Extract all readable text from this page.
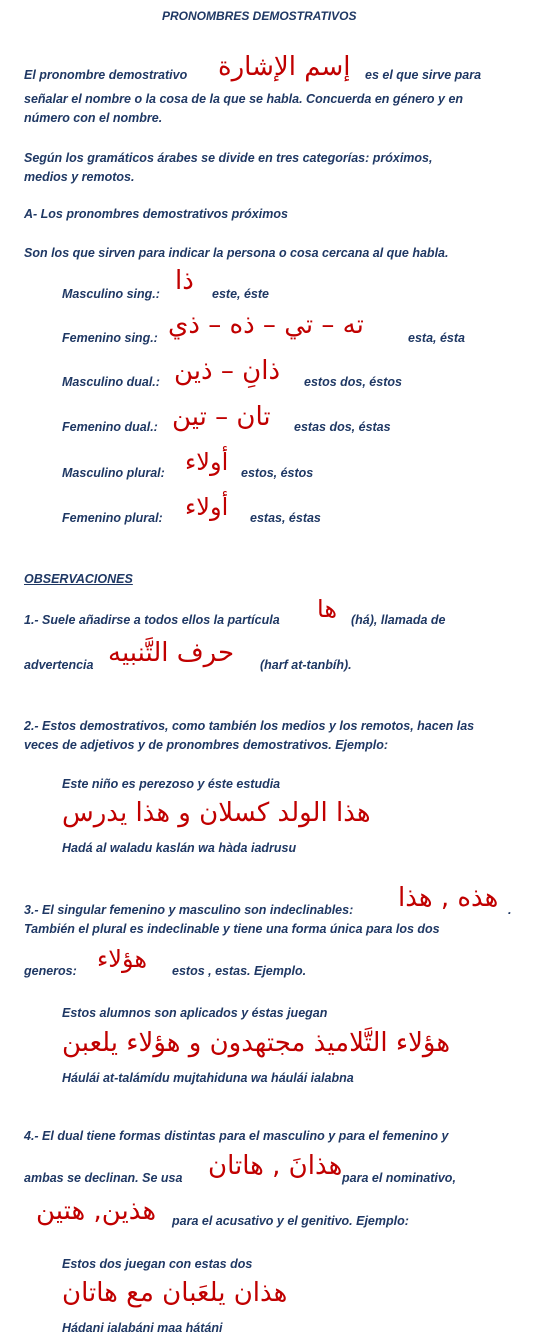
PRONOMBRES DEMOSTRATIVOS
El pronombre demostrativo إسم الإشارة es el que sirve para
señalar el nombre o la cosa de la que se habla. Concuerda en género y en
número con el nombre.
Según los gramáticos árabes se divide en tres categorías: próximos,
medios y remotos.
A- Los pronombres demostrativos próximos
Son los que sirven para indicar la persona o cosa cercana al que habla.
Masculino sing.: ذا este, éste
Femenino sing.: ته – تي – ذه – ذي	esta, ésta
Masculino dual.: ذانِ – ذين estos dos, éstos
Femenino dual.: تان – تين estas dos, éstas
Masculino plural: أولاء estos, éstos
Femenino plural: أولاء estas, éstas
OBSERVACIONES
1.- Suele añadirse a todos ellos la partícula ها (há), llamada de
advertencia حرف التَّنبيه (harf at-tanbíh).
2.- Estos demostrativos, como también los medios y los remotos, hacen las
veces de adjetivos y de pronombres demostrativos. Ejemplo:
Este niño es perezoso y éste estudia
هذا الولد كسلان و هذا يدرس
Hadá al waladu kaslán wa hàda iadrusu
3.- El singular femenino y masculino son indeclinables: هذه , هذا .
También el plural es indeclinable y tiene una forma única para los dos
generos: هؤلاء estos , estas. Ejemplo.
Estos alumnos son aplicados y éstas juegan
هؤلاء التَّلاميذ مجتهدون و هؤلاء يلعبن
Háulái at-talámídu mujtahiduna wa háulái ialabna
4.- El dual tiene formas distintas para el masculino y para el femenino y
ambas se declinan. Se usa هذانَ , هاتان para el nominativo,
هذين, هتين para el acusativo y el genitivo. Ejemplo:
Estos dos juegan con estas dos
هذان يلعَبان مع هاتان
Hádani ialabáni maa hátáni
